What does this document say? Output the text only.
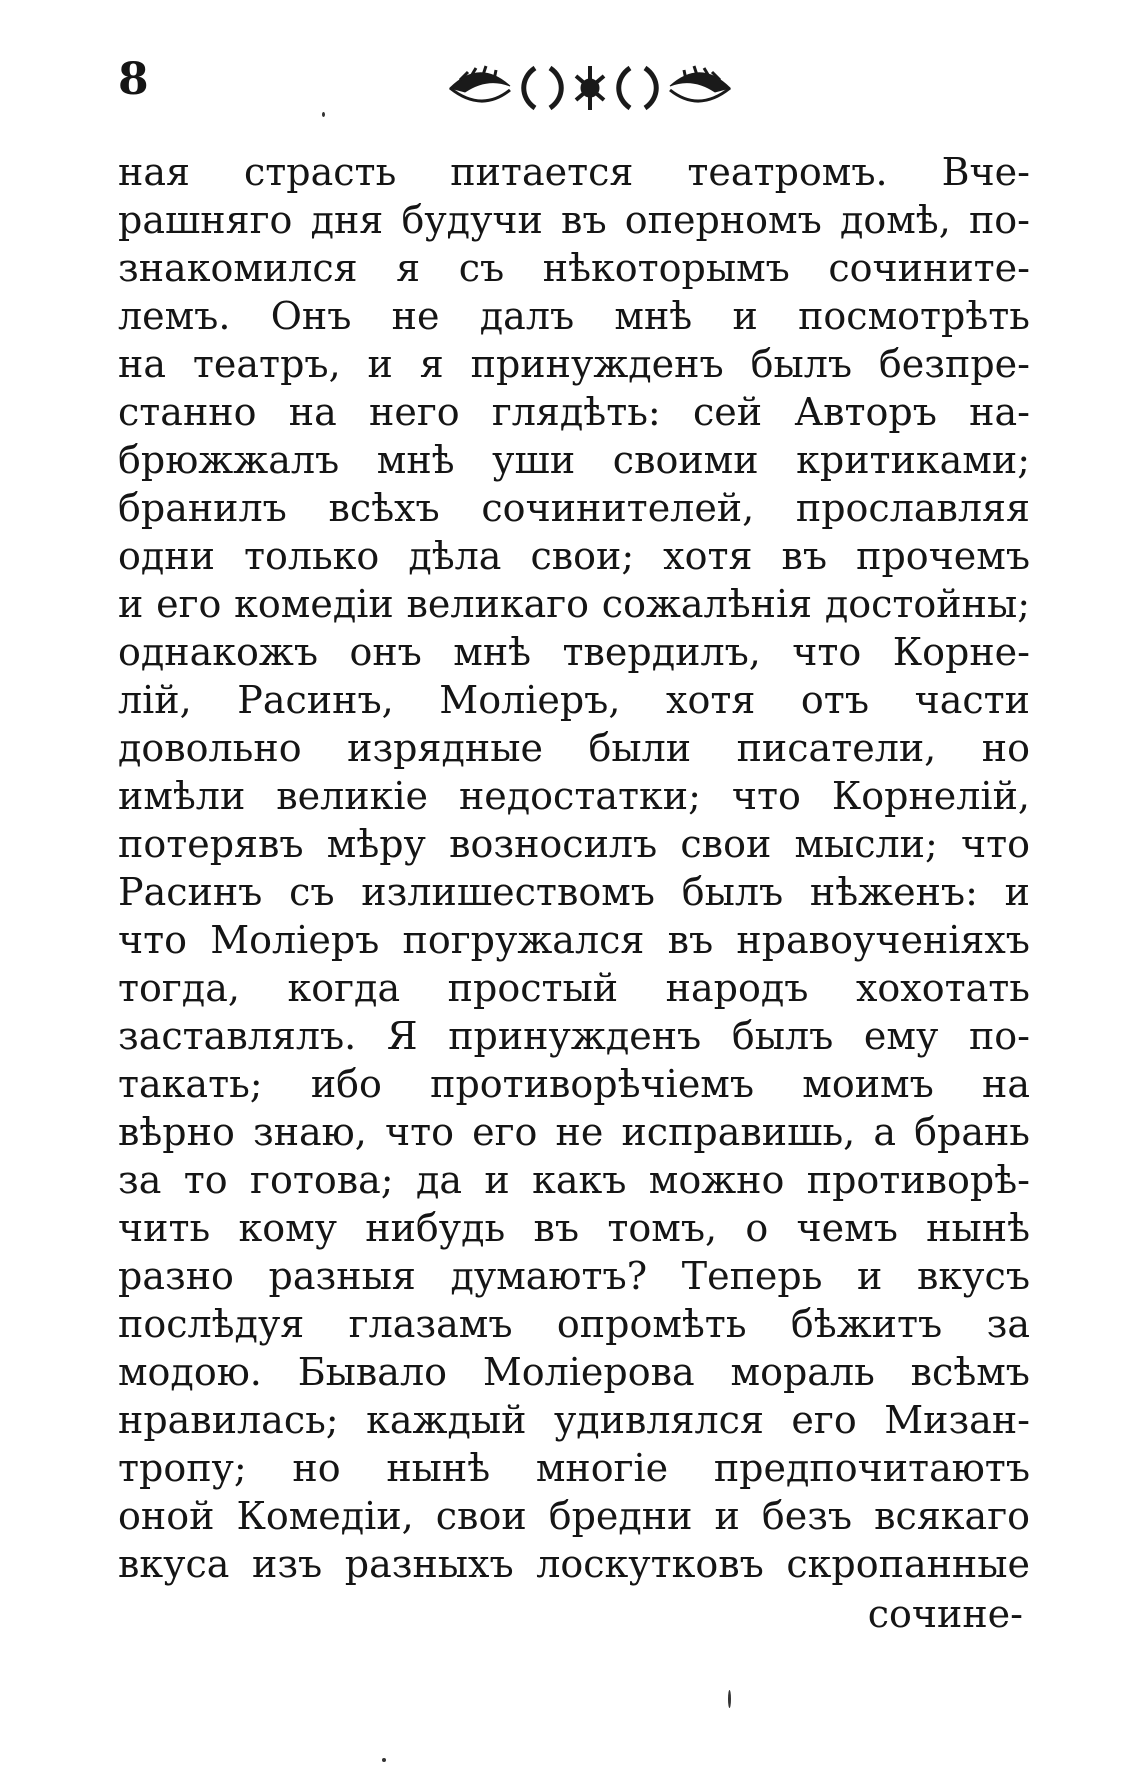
8
ная страсть питается театромъ. Вче-
рашняго дня будучи въ оперномъ домѣ, по-
знакомился я съ нѣкоторымъ сочините-
лемъ. Онъ не далъ мнѣ и посмотрѣть
на театръ, и я принужденъ былъ безпре-
станно на него глядѣть: сей Авторъ на-
брюжжалъ мнѣ уши своими критиками;
бранилъ всѣхъ сочинителей, прославляя
одни только дѣла свои; хотя въ прочемъ
и его комедіи великаго сожалѣнія достойны;
однакожъ онъ мнѣ твердилъ, что Корне-
лій, Расинъ, Моліеръ, хотя отъ части
довольно изрядные были писатели, но
имѣли великіе недостатки; что Корнелій,
потерявъ мѣру возносилъ свои мысли; что
Расинъ съ излишествомъ былъ нѣженъ: и
что Моліеръ погружался въ нравоученіяхъ
тогда, когда простый народъ хохотать
заставлялъ. Я принужденъ былъ ему по-
такать; ибо противорѣчіемъ моимъ на
вѣрно знаю, что его не исправишь, а брань
за то готова; да и какъ можно противорѣ-
чить кому нибудь въ томъ, о чемъ нынѣ
разно разныя думаютъ? Теперь и вкусъ
послѣдуя глазамъ опромѣть бѣжитъ за
модою. Бывало Моліерова мораль всѣмъ
нравилась; каждый удивлялся его Мизан-
тропу; но нынѣ многіе предпочитаютъ
оной Комедіи, свои бредни и безъ всякаго
вкуса изъ разныхъ лоскутковъ скропанные
сочине-
